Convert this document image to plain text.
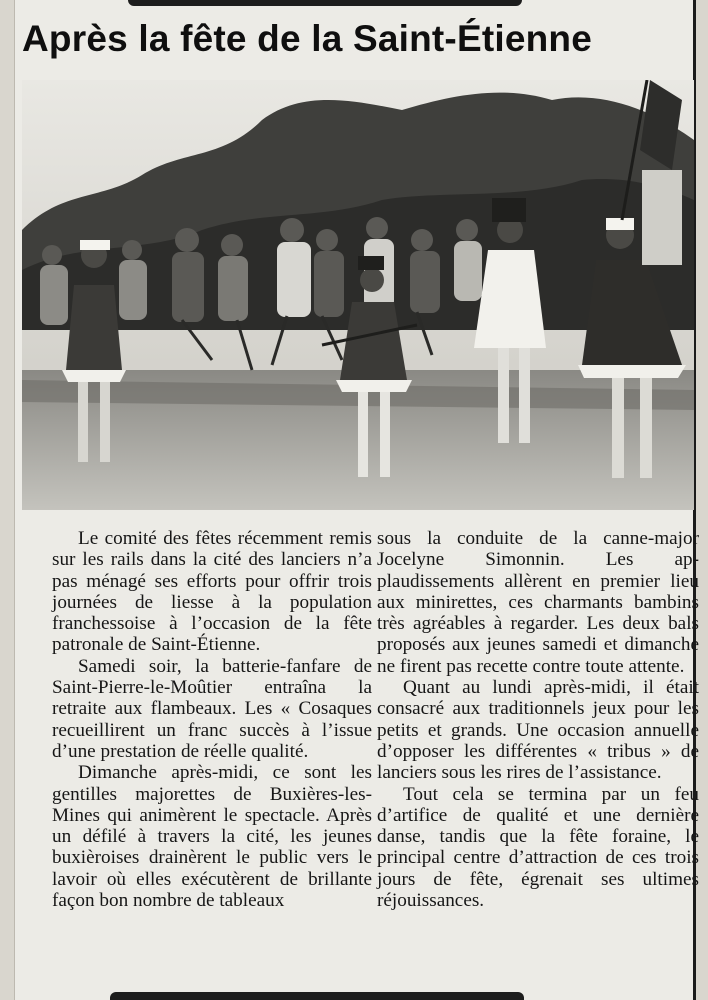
Après la fête de la Saint-Étienne

Le comité des fêtes récemment remis sur les rails dans la cité des lanciers n’a pas ménagé ses efforts pour offrir trois journées de liesse à la population franchessoise à l’occasion de la fête patronale de Saint-Étienne.

Samedi soir, la batterie-fanfare de Saint-Pierre-le-Moûtier entraîna la retraite aux flambeaux. Les « Cosaques recueillirent un franc succès à l’issue d’une prestation de réelle qualité.

Dimanche après-midi, ce sont les gentilles majorettes de Buxières-les-Mines qui animèrent le spectacle. Après un défilé à travers la cité, les jeunes buxièroises drainèrent le public vers le lavoir où elles exécutèrent de brillante façon bon nombre de tableaux

sous la conduite de la canne-major Jocelyne Simonnin. Les applaudissements allèrent en premier lieu aux minirettes, ces charmants bambins très agréables à regarder. Les deux bals proposés aux jeunes samedi et dimanche ne firent pas recette contre toute attente.

Quant au lundi après-midi, il était consacré aux traditionnels jeux pour les petits et grands. Une occasion annuelle d’opposer les différentes « tribus » de lanciers sous les rires de l’assistance.

Tout cela se termina par un feu d’artifice de qualité et une dernière danse, tandis que la fête foraine, le principal centre d’attraction de ces trois jours de fête, égrenait ses ultimes réjouissances.
